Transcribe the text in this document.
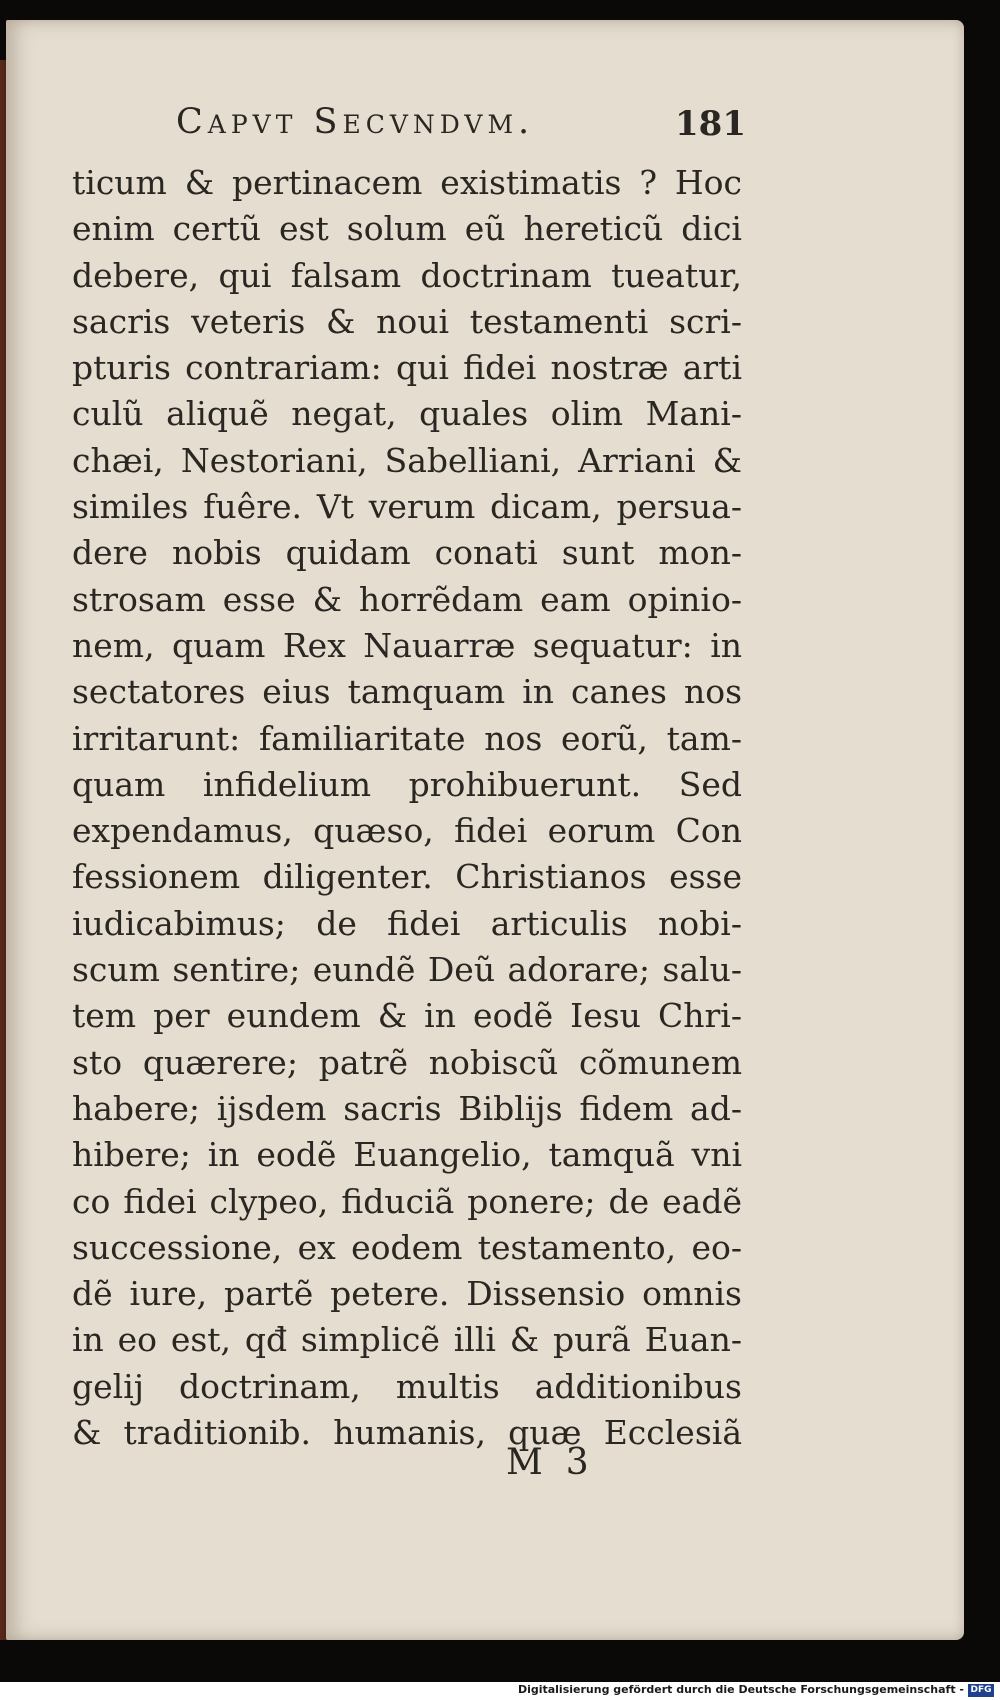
Capvt Secvndvm.	181
ticum & pertinacem existimatis ? Hoc
enim certũ est solum eũ hereticũ dici
debere, qui falsam doctrinam tueatur,
sacris veteris & noui testamenti scri-
pturis contrariam: qui fidei nostræ arti
culũ aliquẽ negat, quales olim Mani-
chæi, Nestoriani, Sabelliani, Arriani &
similes fuêre. Vt verum dicam, persua-
dere nobis quidam conati sunt mon-
strosam esse & horrẽdam eam opinio-
nem, quam Rex Nauarræ sequatur: in
sectatores eius tamquam in canes nos
irritarunt: familiaritate nos eorũ, tam-
quam infidelium prohibuerunt. Sed
expendamus, quæso, fidei eorum Con
fessionem diligenter. Christianos esse
iudicabimus; de fidei articulis nobi-
scum sentire; eundẽ Deũ adorare; salu-
tem per eundem & in eodẽ Iesu Chri-
sto quærere; patrẽ nobiscũ cõmunem
habere; ijsdem sacris Biblijs fidem ad-
hibere; in eodẽ Euangelio, tamquã vni
co fidei clypeo, fiduciã ponere; de eadẽ
successione, ex eodem testamento, eo-
dẽ iure, partẽ petere. Dissensio omnis
in eo est, qđ simplicẽ illi & purã Euan-
gelij doctrinam, multis additionibus
& traditionib. humanis, quæ Ecclesiã
M  3
Digitalisierung gefördert durch die Deutsche Forschungsgemeinschaft - DFG
